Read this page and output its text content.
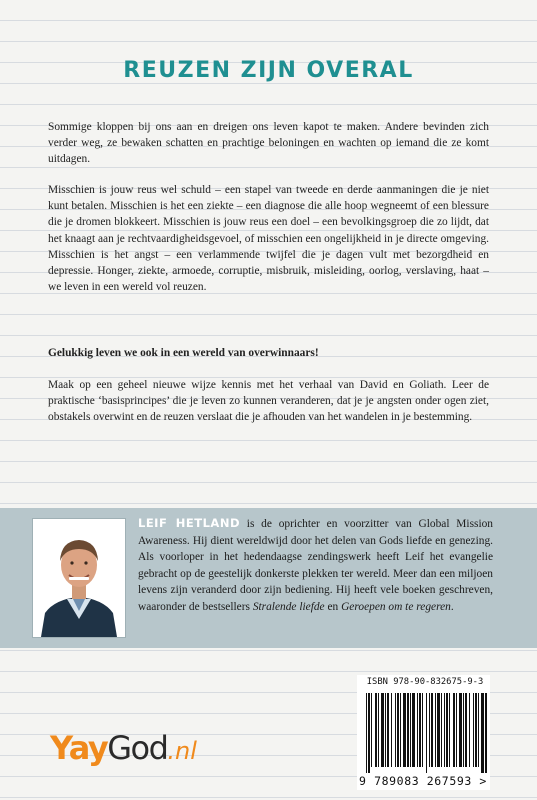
REUZEN ZIJN OVERAL

Sommige kloppen bij ons aan en dreigen ons leven kapot te maken. Andere bevinden zich verder weg, ze bewaken schatten en prachtige beloningen en wachten op iemand die ze komt uitdagen.

Misschien is jouw reus wel schuld – een stapel van tweede en derde aanmaningen die je niet kunt betalen. Misschien is het een ziekte – een diagnose die alle hoop wegneemt of een blessure die je dromen blokkeert. Misschien is jouw reus een doel – een bevolkingsgroep die zo lijdt, dat het knaagt aan je rechtvaardigheidsgevoel, of misschien een ongelijkheid in je directe omgeving. Misschien is het angst – een verlammende twijfel die je dagen vult met bezorgdheid en depressie. Honger, ziekte, armoede, corruptie, misbruik, misleiding, oorlog, verslaving, haat – we leven in een wereld vol reuzen.

Gelukkig leven we ook in een wereld van overwinnaars!

Maak op een geheel nieuwe wijze kennis met het verhaal van David en Goliath. Leer de praktische ‘basisprincipes’ die je leven zo kunnen veranderen, dat je je angsten onder ogen ziet, obstakels overwint en de reuzen verslaat die je afhouden van het wandelen in je bestemming.

LEIF HETLAND is de oprichter en voorzitter van Global Mission Awareness. Hij dient wereldwijd door het delen van Gods liefde en genezing. Als voorloper in het hedendaagse zendingswerk heeft Leif het evangelie gebracht op de geestelijk donkerste plekken ter wereld. Meer dan een miljoen levens zijn veranderd door zijn bediening. Hij heeft vele boeken geschreven, waaronder de bestsellers Stralende liefde en Geroepen om te regeren.

YayGod.nl
ISBN 978-90-832675-9-3
9 789083 267593 >
